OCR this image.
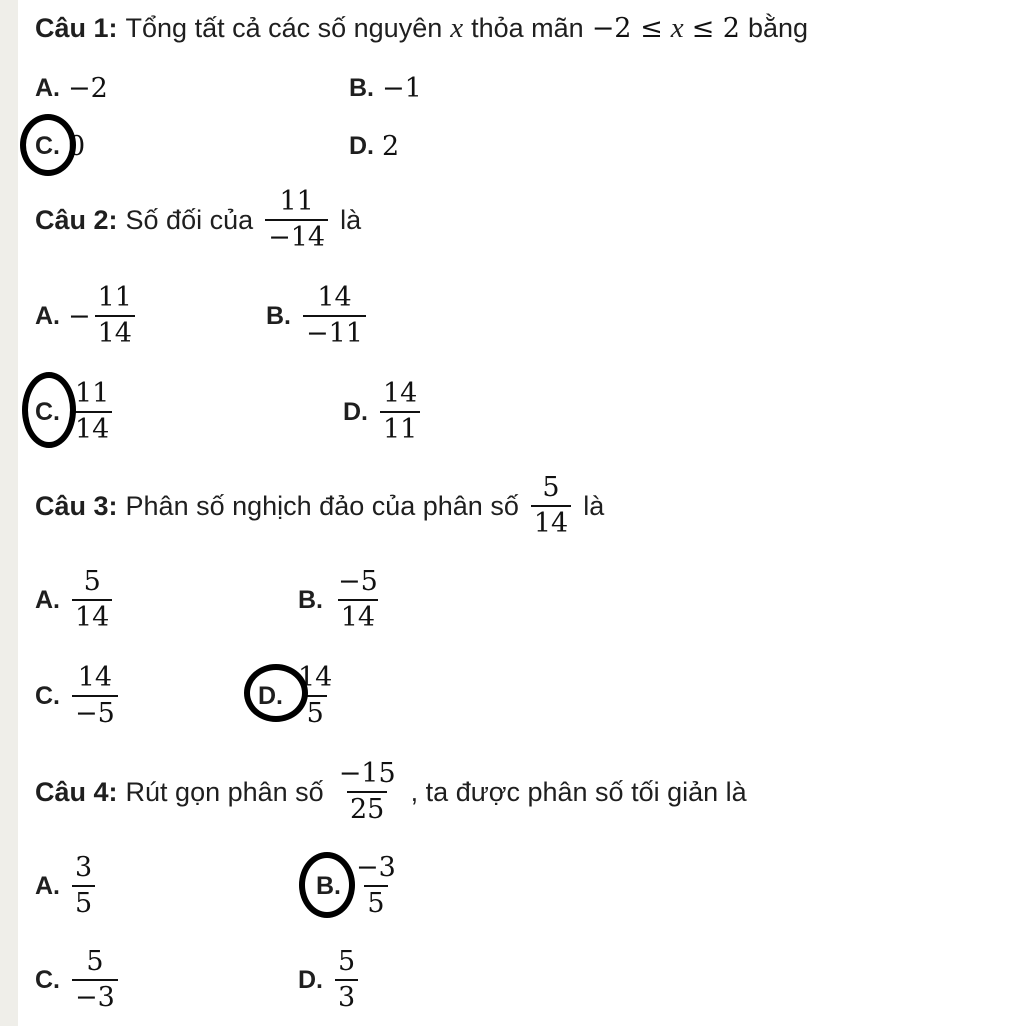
Câu 1: Tổng tất cả các số nguyên x thỏa mãn −2 ≤ x ≤ 2 bằng
A. −2	B. −1
C. 0	D. 2
Câu 2: Số đối của $\frac{11}{-14}$ là
A. − $\frac{11}{14}$	B. $\frac{14}{-11}$
C. $\frac{11}{14}$	D. $\frac{14}{11}$
Câu 3: Phân số nghịch đảo của phân số $\frac{5}{14}$ là
A. $\frac{5}{14}$	B. $\frac{-5}{14}$
C. $\frac{14}{-5}$	D. $\frac{14}{5}$
Câu 4: Rút gọn phân số $\frac{-15}{25}$ , ta được phân số tối giản là
A. $\frac{3}{5}$	B. $\frac{-3}{5}$
C. $\frac{5}{-3}$	D. $\frac{5}{3}$
